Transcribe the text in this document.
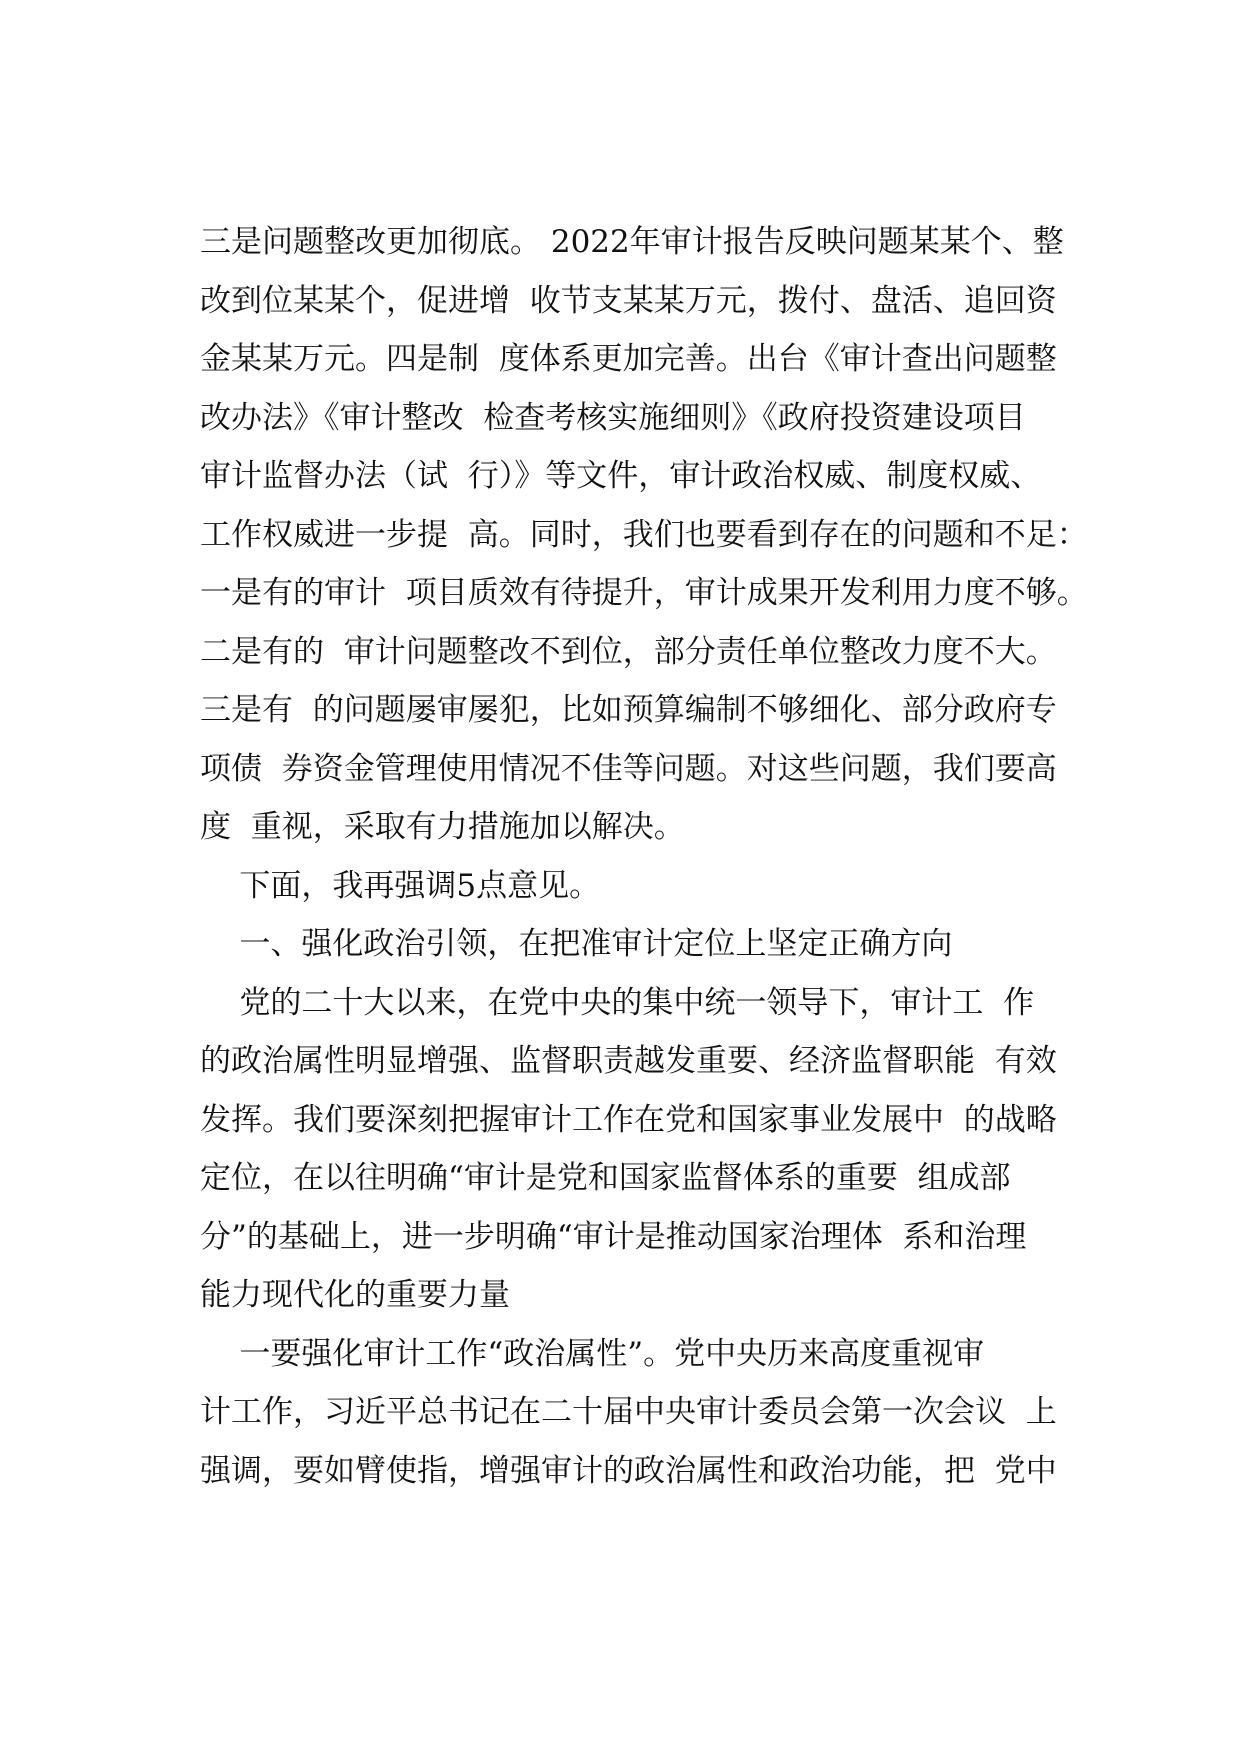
三是问题整改更加彻底。 2022年审计报告反映问题某某个、整
改到位某某个，促进增  收节支某某万元，拨付、盘活、追回资
金某某万元。四是制  度体系更加完善。出台《审计查出问题整
改办法》《审计整改  检查考核实施细则》《政府投资建设项目
审计监督办法（试  行）》等文件，审计政治权威、制度权威、
工作权威进一步提  高。同时，我们也要看到存在的问题和不足：
一是有的审计  项目质效有待提升，审计成果开发利用力度不够。
二是有的  审计问题整改不到位，部分责任单位整改力度不大。
三是有  的问题屡审屡犯，比如预算编制不够细化、部分政府专
项债  券资金管理使用情况不佳等问题。对这些问题，我们要高
度  重视，采取有力措施加以解决。
下面，我再强调5点意见。
一、强化政治引领，在把准审计定位上坚定正确方向
党的二十大以来，在党中央的集中统一领导下，审计工  作
的政治属性明显增强、监督职责越发重要、经济监督职能  有效
发挥。我们要深刻把握审计工作在党和国家事业发展中  的战略
定位，在以往明确“审计是党和国家监督体系的重要  组成部
分”的基础上，进一步明确“审计是推动国家治理体  系和治理
能力现代化的重要力量
一要强化审计工作“政治属性”。党中央历来高度重视审
计工作，习近平总书记在二十届中央审计委员会第一次会议  上
强调，要如臂使指，增强审计的政治属性和政治功能，把  党中
